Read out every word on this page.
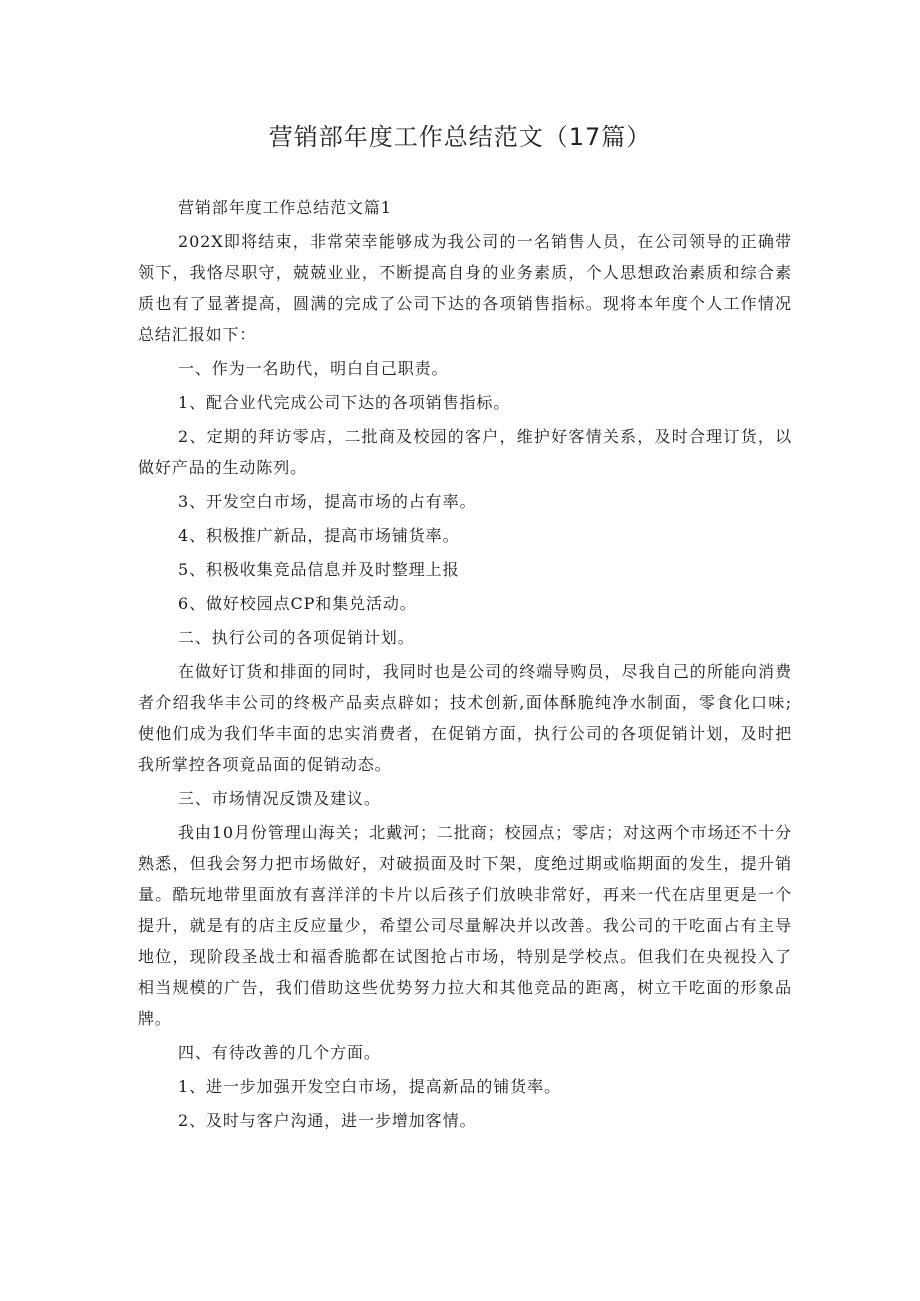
营销部年度工作总结范文（17篇）

营销部年度工作总结范文篇1

202X即将结束，非常荣幸能够成为我公司的一名销售人员，在公司领导的正确带领下，我恪尽职守，兢兢业业，不断提高自身的业务素质，个人思想政治素质和综合素质也有了显著提高，圆满的完成了公司下达的各项销售指标。现将本年度个人工作情况总结汇报如下：

一、作为一名助代，明白自己职责。

1、配合业代完成公司下达的各项销售指标。

2、定期的拜访零店，二批商及校园的客户，维护好客情关系，及时合理订货，以做好产品的生动陈列。

3、开发空白市场，提高市场的占有率。

4、积极推广新品，提高市场铺货率。

5、积极收集竞品信息并及时整理上报

6、做好校园点CP和集兑活动。

二、执行公司的各项促销计划。

在做好订货和排面的同时，我同时也是公司的终端导购员，尽我自己的所能向消费者介绍我华丰公司的终极产品卖点辟如；技术创新,面体酥脆纯净水制面，零食化口味;使他们成为我们华丰面的忠实消费者，在促销方面，执行公司的各项促销计划，及时把我所掌控各项竟品面的促销动态。

三、市场情况反馈及建议。

我由10月份管理山海关；北戴河；二批商；校园点；零店；对这两个市场还不十分熟悉，但我会努力把市场做好，对破损面及时下架，度绝过期或临期面的发生，提升销量。酷玩地带里面放有喜洋洋的卡片以后孩子们放映非常好，再来一代在店里更是一个提升，就是有的店主反应量少，希望公司尽量解决并以改善。我公司的干吃面占有主导地位，现阶段圣战士和福香脆都在试图抢占市场，特别是学校点。但我们在央视投入了相当规模的广告，我们借助这些优势努力拉大和其他竞品的距离，树立干吃面的形象品牌。

四、有待改善的几个方面。

1、进一步加强开发空白市场，提高新品的铺货率。

2、及时与客户沟通，进一步增加客情。
